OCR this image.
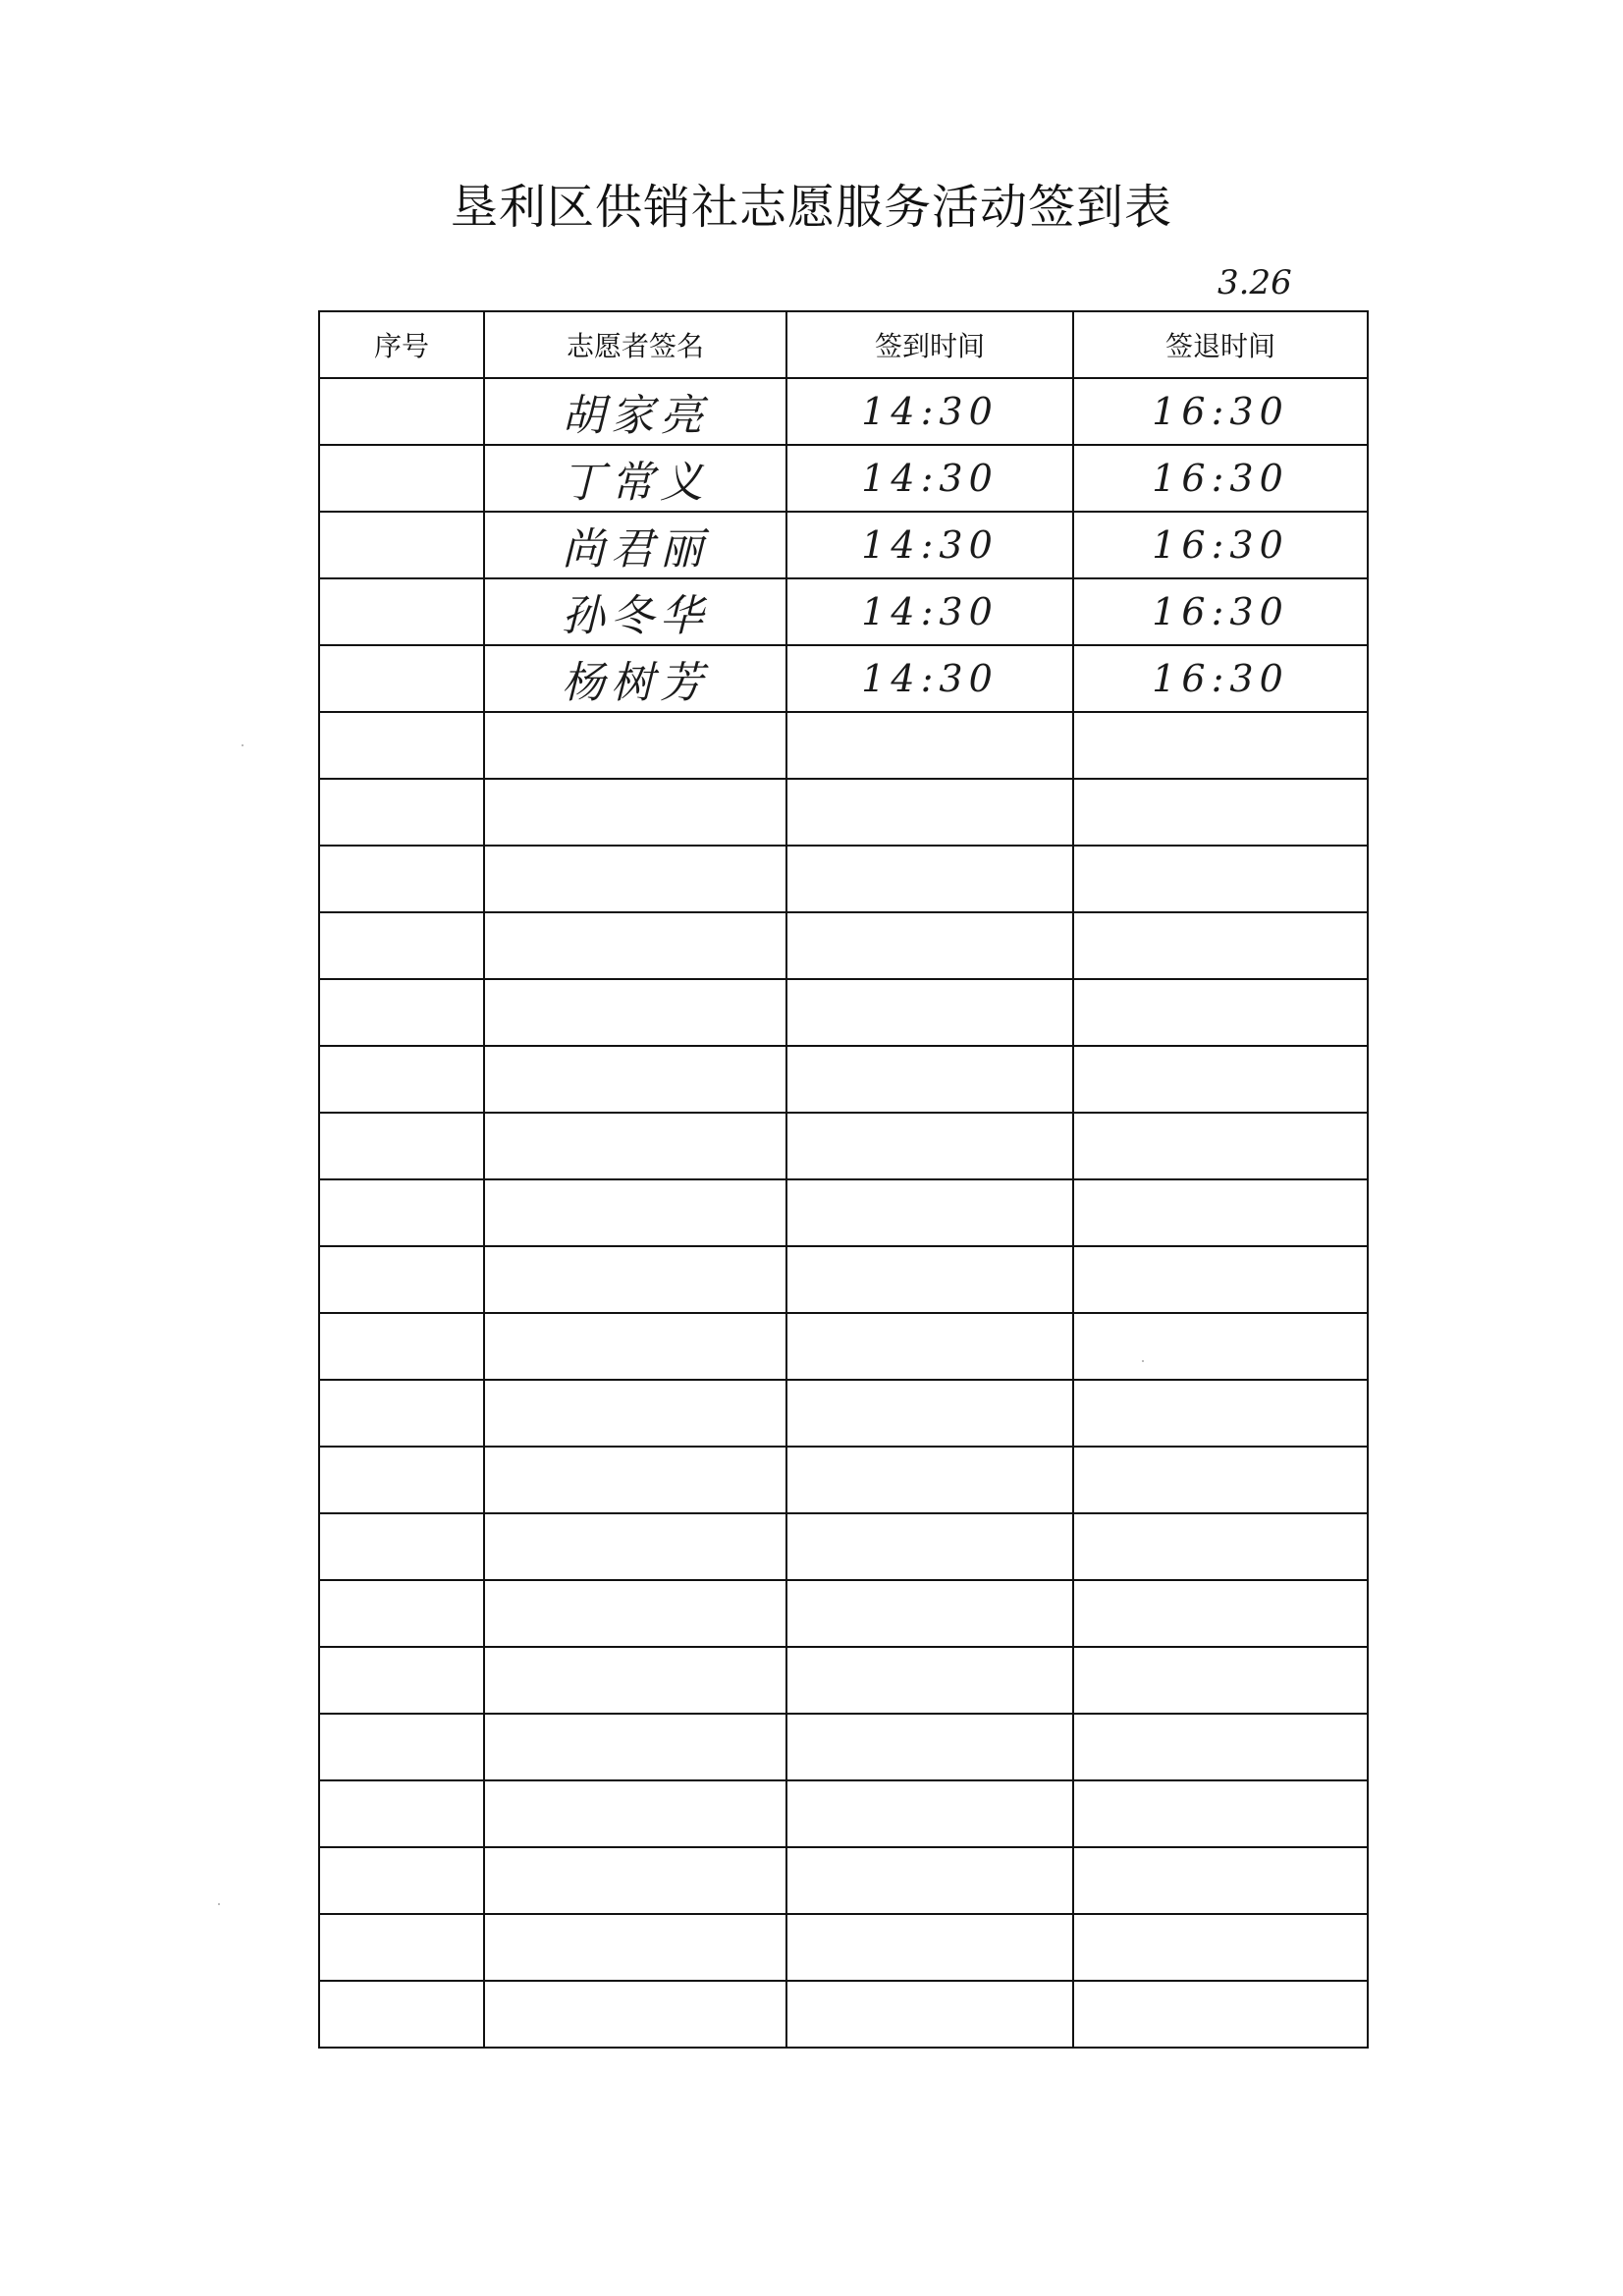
垦利区供销社志愿服务活动签到表
3.26
序号	志愿者签名	签到时间	签退时间
	胡家亮	14:30	16:30
	丁常义	14:30	16:30
	尚君丽	14:30	16:30
	孙冬华	14:30	16:30
	杨树芳	14:30	16:30
